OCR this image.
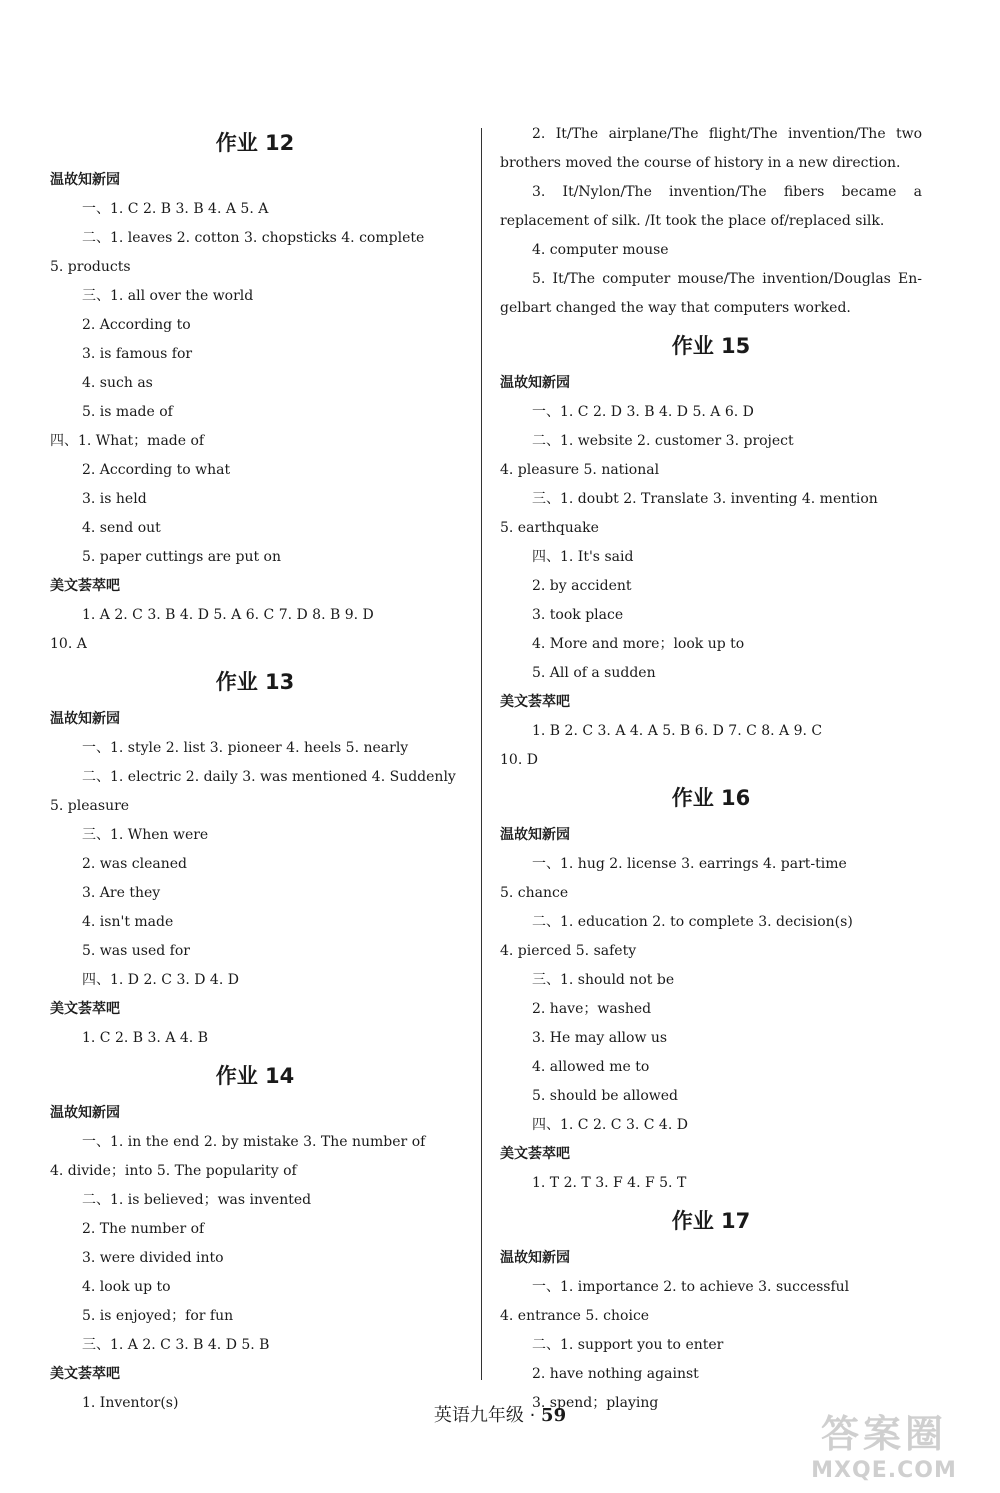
作业 12
温故知新园
一、1. C 2. B 3. B 4. A 5. A
二、1. leaves 2. cotton 3. chopsticks 4. complete
5. products
三、1. all over the world
2. According to
3. is famous for
4. such as
5. is made of
四、1. What；made of
2. According to what
3. is held
4. send out
5. paper cuttings are put on
美文荟萃吧
1. A 2. C 3. B 4. D 5. A 6. C 7. D 8. B 9. D
10. A
作业 13
温故知新园
一、1. style 2. list 3. pioneer 4. heels 5. nearly
二、1. electric 2. daily 3. was mentioned 4. Suddenly
5. pleasure
三、1. When were
2. was cleaned
3. Are they
4. isn't made
5. was used for
四、1. D 2. C 3. D 4. D
美文荟萃吧
1. C 2. B 3. A 4. B
作业 14
温故知新园
一、1. in the end 2. by mistake 3. The number of
4. divide；into 5. The popularity of
二、1. is believed；was invented
2. The number of
3. were divided into
4. look up to
5. is enjoyed；for fun
三、1. A 2. C 3. B 4. D 5. B
美文荟萃吧
1. Inventor(s)
2. It/The airplane/The flight/The invention/The two
brothers moved the course of history in a new direction.
3. It/Nylon/The invention/The fibers became a
replacement of silk. /It took the place of/replaced silk.
4. computer mouse
5. It/The computer mouse/The invention/Douglas En-
gelbart changed the way that computers worked.
作业 15
温故知新园
一、1. C 2. D 3. B 4. D 5. A 6. D
二、1. website 2. customer 3. project
4. pleasure 5. national
三、1. doubt 2. Translate 3. inventing 4. mention
5. earthquake
四、1. It's said
2. by accident
3. took place
4. More and more；look up to
5. All of a sudden
美文荟萃吧
1. B 2. C 3. A 4. A 5. B 6. D 7. C 8. A 9. C
10. D
作业 16
温故知新园
一、1. hug 2. license 3. earrings 4. part-time
5. chance
二、1. education 2. to complete 3. decision(s)
4. pierced 5. safety
三、1. should not be
2. have；washed
3. He may allow us
4. allowed me to
5. should be allowed
四、1. C 2. C 3. C 4. D
美文荟萃吧
1. T 2. T 3. F 4. F 5. T
作业 17
温故知新园
一、1. importance 2. to achieve 3. successful
4. entrance 5. choice
二、1. support you to enter
2. have nothing against
3. spend；playing
英语九年级 · 59	答案圈
MXQE.COM
